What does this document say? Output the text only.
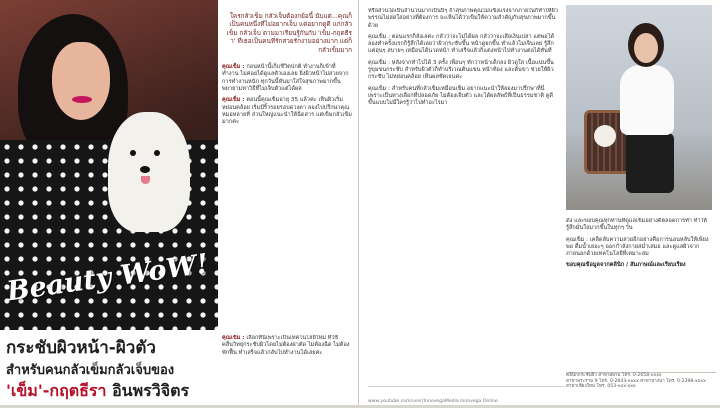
Beauty WoW!
กระชับผิวหน้า-ผิวตัว
สำหรับคนกลัวเข็มกลัวเจ็บของ
'เข็ม'-กฤตธีรา อินพรวิจิตร

ใครกลัวเข็ม กลัวเจ็บต้องกย้อนี้ นับแต่...คุณก็เป็นคนหนึ่งที่ไม่อยากเจ็บ แต่อยากดูดี แก่กลัวเข็ม กลัวเจ็บ ตามมาเรียนรู้กันกับ 'เข็ม-กฤตธีรา' ที่เธอเป็นคนที่รักสวยรักงามอย่างมาก แต่ก็กลัวเข็มมาก

คุณเข็ม : ก่อนหน้านี้เก็บชีวิตปกติ ทำงานก็เข้าที่ทำงาน ไม่ค่อยได้ดูแลตัวเองเลย ยิ่งผิวหน้าไม่สวยจากการทำงานหนัก ทุกวันนี้หันมาใส่ใจสุขภาพมากขึ้น พยายามหาวิธีที่ไม่เจ็บตัวแต่ได้ผล

คุณเข็ม : ตอนนี้คุณเข็มอายุ 35 แล้วค่ะ เห็นผิวเริ่มหย่อนคล้อย เริ่มมีริ้วรอยรอบดวงตา ลองไปปรึกษาคุณหมอหลายที่ ส่วนใหญ่แนะนำให้ฉีดสาร แต่เข็มกลัวเข็มมากค่ะ

คุณเข็ม : เลือกที่นี่เพราะเป็นเทคโนโลยีใหม่ ที่ใช้คลื่นวิทยุกระชับผิวโดยไม่ต้องผ่าตัด ไม่ต้องฉีด ไม่ต้องพักฟื้น ทำเสร็จแล้วกลับไปทำงานได้เลยค่ะ

หรือส่วนใดเป็นจำนวนมากเป็นปีๆ ถ้าสุขภาพคุณไม่แข็งแรงจากภายในก็ทำให้ผิวพรรณไม่สดใสอย่างที่ต้องการ จะเห็นได้ว่าเข็มให้ความสำคัญกับสุขภาพมากขึ้นด้วย

คุณเข็ม : ตอนแรกก็ลังเลค่ะ กลัวว่าจะไม่ได้ผล กลัวว่าจะเสียเงินเปล่า แต่พอได้ลองทำครั้งแรกก็รู้สึกได้เลยว่าผิวกระชับขึ้น หน้าดูยกขึ้น ทำแล้วไม่เจ็บเลย รู้สึกแค่อุ่นๆ สบายๆ เหมือนได้นวดหน้า ทำเสร็จแล้วก็แต่งหน้าไปทำงานต่อได้ทันที

คุณเข็ม : หลังจากทำไปได้ 3 ครั้ง เพื่อนๆ ทักว่าหน้าเด็กลง ผิวดูใส เนื้อแน่นขึ้น รูขุมขนกระชับ สำหรับผิวตัวก็ทำบริเวณต้นแขน หน้าท้อง และต้นขา ช่วยให้ผิวกระชับ ไม่หย่อนคล้อย เห็นผลชัดเจนค่ะ

คุณเข็ม : สำหรับคนที่กลัวเข็มเหมือนเข็ม อยากแนะนำให้ลองมาปรึกษาที่นี่ เพราะเป็นทางเลือกที่ปลอดภัย ไม่ต้องเจ็บตัว และได้ผลลัพธ์ที่เป็นธรรมชาติ ดูดีขึ้นแบบไม่มีใครรู้ว่าไปทำอะไรมา

ดัง และขอบคุณทุกท่านที่ดูแลเข็มอย่างดีตลอดการทำ ทำให้รู้สึกมั่นใจมากขึ้นในทุกๆ วัน

คุณเข็ม : เคล็ดลับความสวยอีกอย่างคือการนอนหลับให้เพียงพอ ดื่มน้ำเยอะๆ ออกกำลังกายสม่ำเสมอ และดูแลผิวจากภายนอกด้วยเทคโนโลยีที่เหมาะสม

ขอบคุณข้อมูลจากคลินิก / สัมภาษณ์และเรียบเรียง

คลินิกกระชับผิว สาขาสยาม โทร. 0-2658-xxxx
สาขาพระราม 9 โทร. 0-2643-xxxx สาขาบางนา โทร. 0-2398-xxxx
สาขาเชียงใหม่ โทร. 053-xxx-xxx
www.youtube.com/user/InnovegaMedia Innovega Online
